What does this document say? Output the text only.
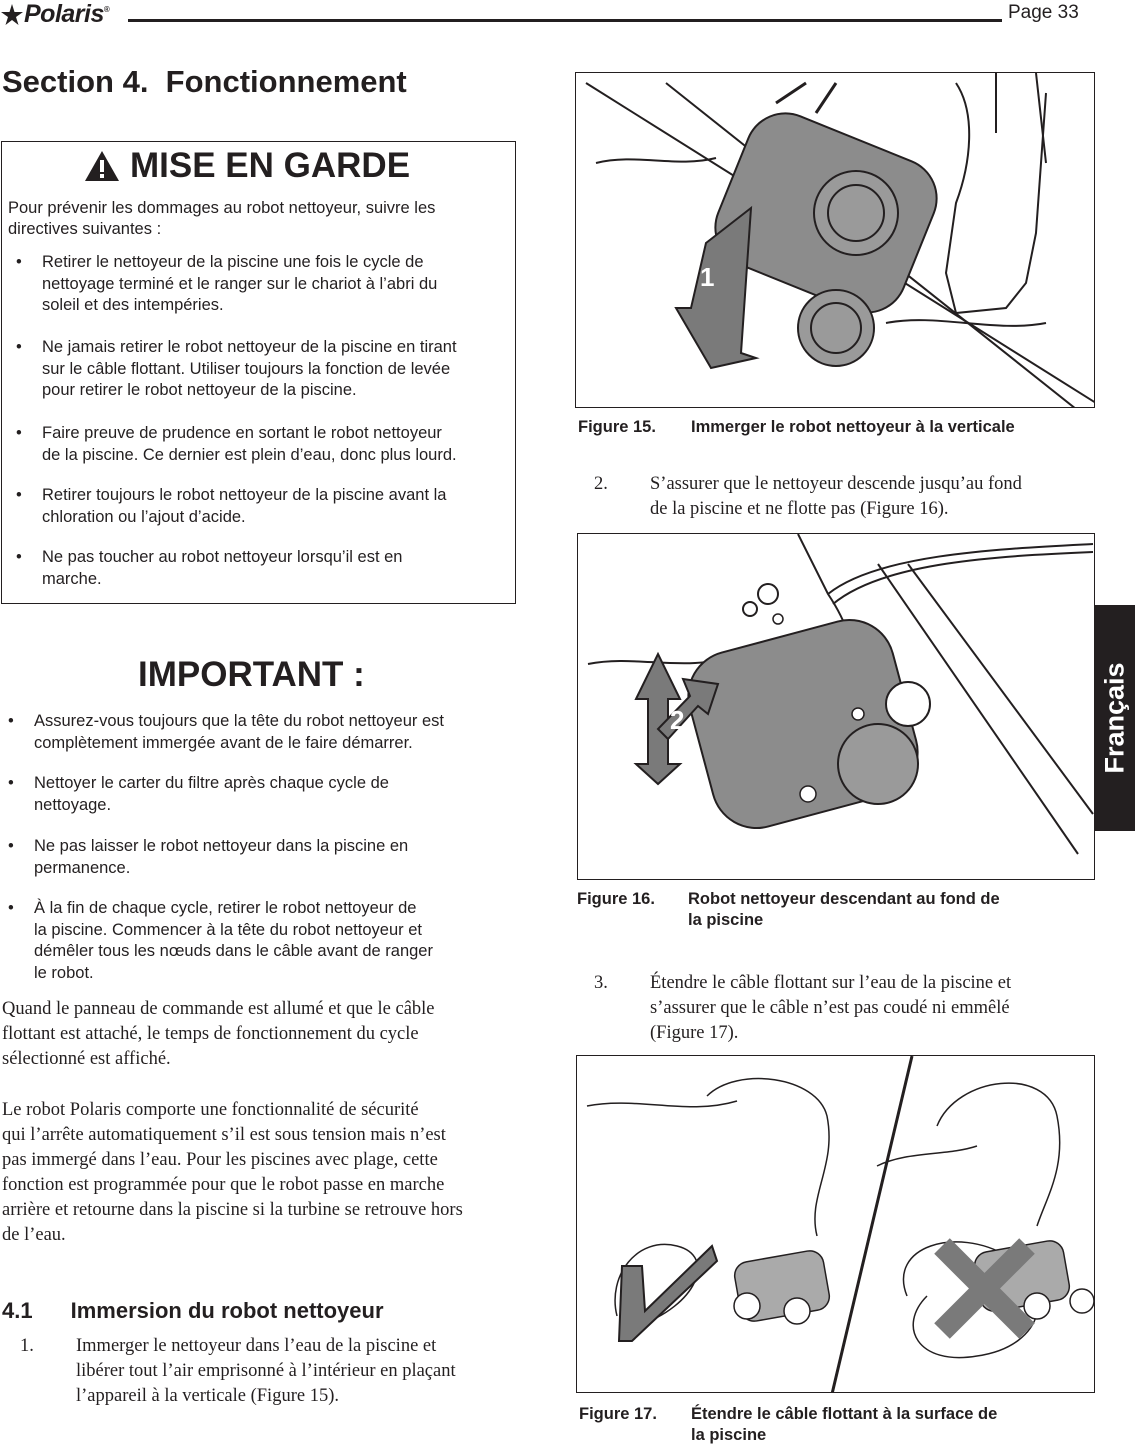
Polaris ®	Page 33
Section 4.  Fonctionnement
MISE EN GARDE
Pour prévenir les dommages au robot nettoyeur, suivre les
directives suivantes :
• Retirer le nettoyeur de la piscine une fois le cycle de
nettoyage terminé et le ranger sur le chariot à l’abri du
soleil et des intempéries.
• Ne jamais retirer le robot nettoyeur de la piscine en tirant
sur le câble flottant. Utiliser toujours la fonction de levée
pour retirer le robot nettoyeur de la piscine.
• Faire preuve de prudence en sortant le robot nettoyeur
de la piscine. Ce dernier est plein d’eau, donc plus lourd.
• Retirer toujours le robot nettoyeur de la piscine avant la
chloration ou l’ajout d’acide.
• Ne pas toucher au robot nettoyeur lorsqu’il est en
marche.
IMPORTANT :
• Assurez-vous toujours que la tête du robot nettoyeur est
complètement immergée avant de le faire démarrer.
• Nettoyer le carter du filtre après chaque cycle de
nettoyage.
• Ne pas laisser le robot nettoyeur dans la piscine en
permanence.
• À la fin de chaque cycle, retirer le robot nettoyeur de
la piscine. Commencer à la tête du robot nettoyeur et
démêler tous les nœuds dans le câble avant de ranger
le robot.
Quand le panneau de commande est allumé et que le câble
flottant est attaché, le temps de fonctionnement du cycle
sélectionné est affiché.
Le robot Polaris comporte une fonctionnalité de sécurité
qui l’arrête automatiquement s’il est sous tension mais n’est
pas immergé dans l’eau. Pour les piscines avec plage, cette
fonction est programmée pour que le robot passe en marche
arrière et retourne dans la piscine si la turbine se retrouve hors
de l’eau.
4.1 Immersion du robot nettoyeur
1. Immerger le nettoyeur dans l’eau de la piscine et
libérer tout l’air emprisonné à l’intérieur en plaçant
l’appareil à la verticale (Figure 15).
1
Figure 15. Immerger le robot nettoyeur à la verticale
2. S’assurer que le nettoyeur descende jusqu’au fond
de la piscine et ne flotte pas (Figure 16).
2
Figure 16. Robot nettoyeur descendant au fond de
la piscine
3. Étendre le câble flottant sur l’eau de la piscine et
s’assurer que le câble n’est pas coudé ni emmêlé
(Figure 17).
Figure 17. Étendre le câble flottant à la surface de
la piscine
Français
